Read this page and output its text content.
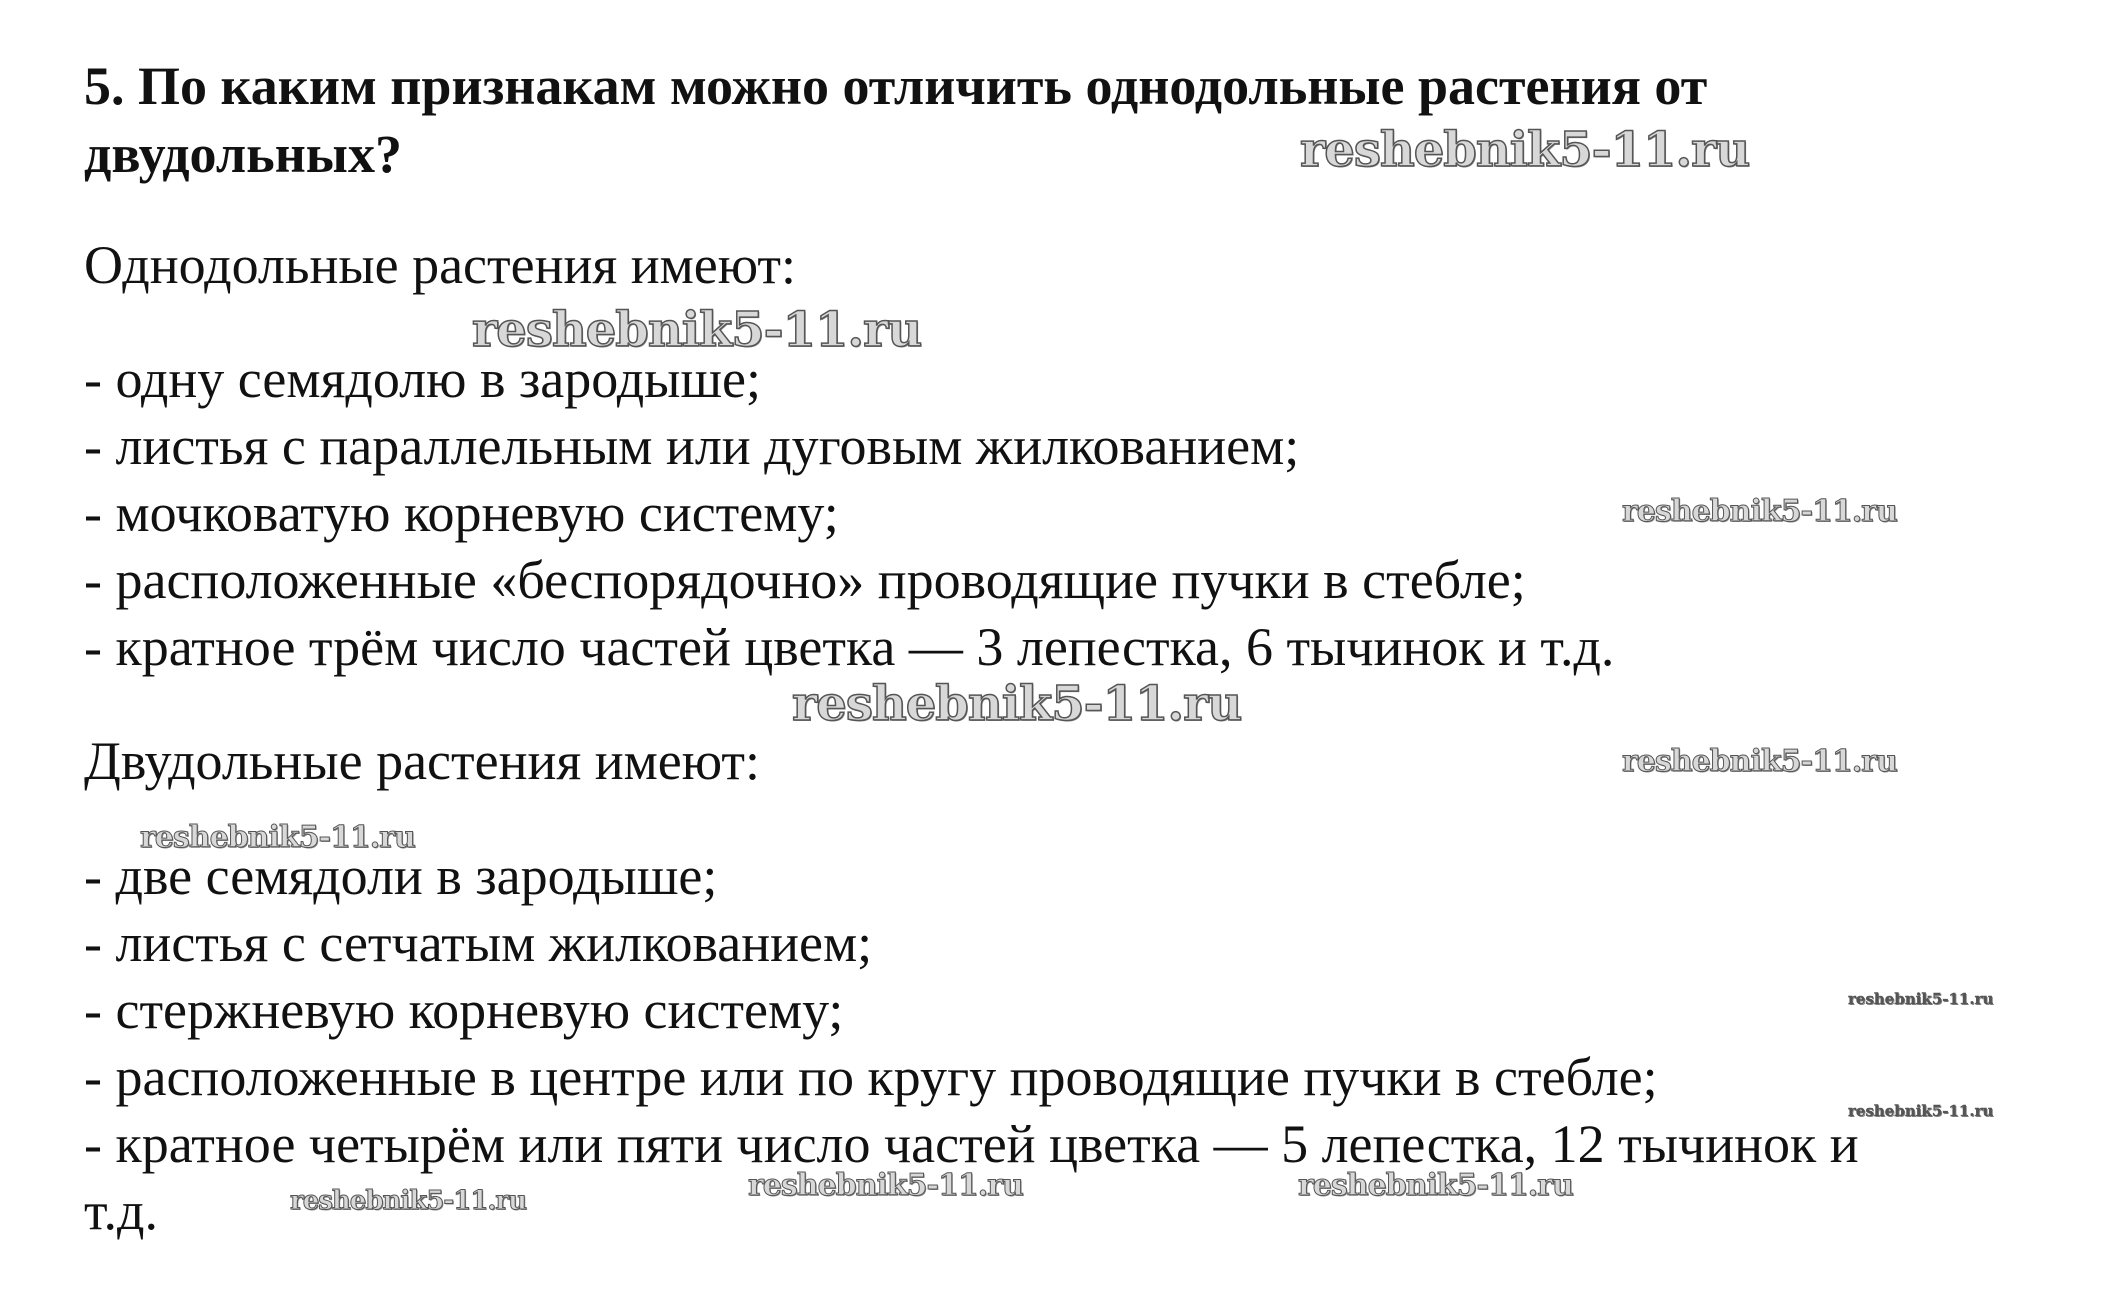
5. По каким признакам можно отличить однодольные растения от двудольных?
Однодольные растения имеют:
- одну семядолю в зародыше;
- листья с параллельным или дуговым жилкованием;
- мочковатую корневую систему;
- расположенные «беспорядочно» проводящие пучки в стебле;
- кратное трём число частей цветка — 3 лепестка, 6 тычинок и т.д.
Двудольные растения имеют:
- две семядоли в зародыше;
- листья с сетчатым жилкованием;
- стержневую корневую систему;
- расположенные в центре или по кругу проводящие пучки в стебле;
- кратное четырём или пяти число частей цветка — 5 лепестка, 12 тычинок и
т.д.
reshebnik5-11.ru
reshebnik5-11.ru
reshebnik5-11.ru
reshebnik5-11.ru
reshebnik5-11.ru
reshebnik5-11.ru
reshebnik5-11.ru
reshebnik5-11.ru
reshebnik5-11.ru	reshebnik5-11.ru
reshebnik5-11.ru
